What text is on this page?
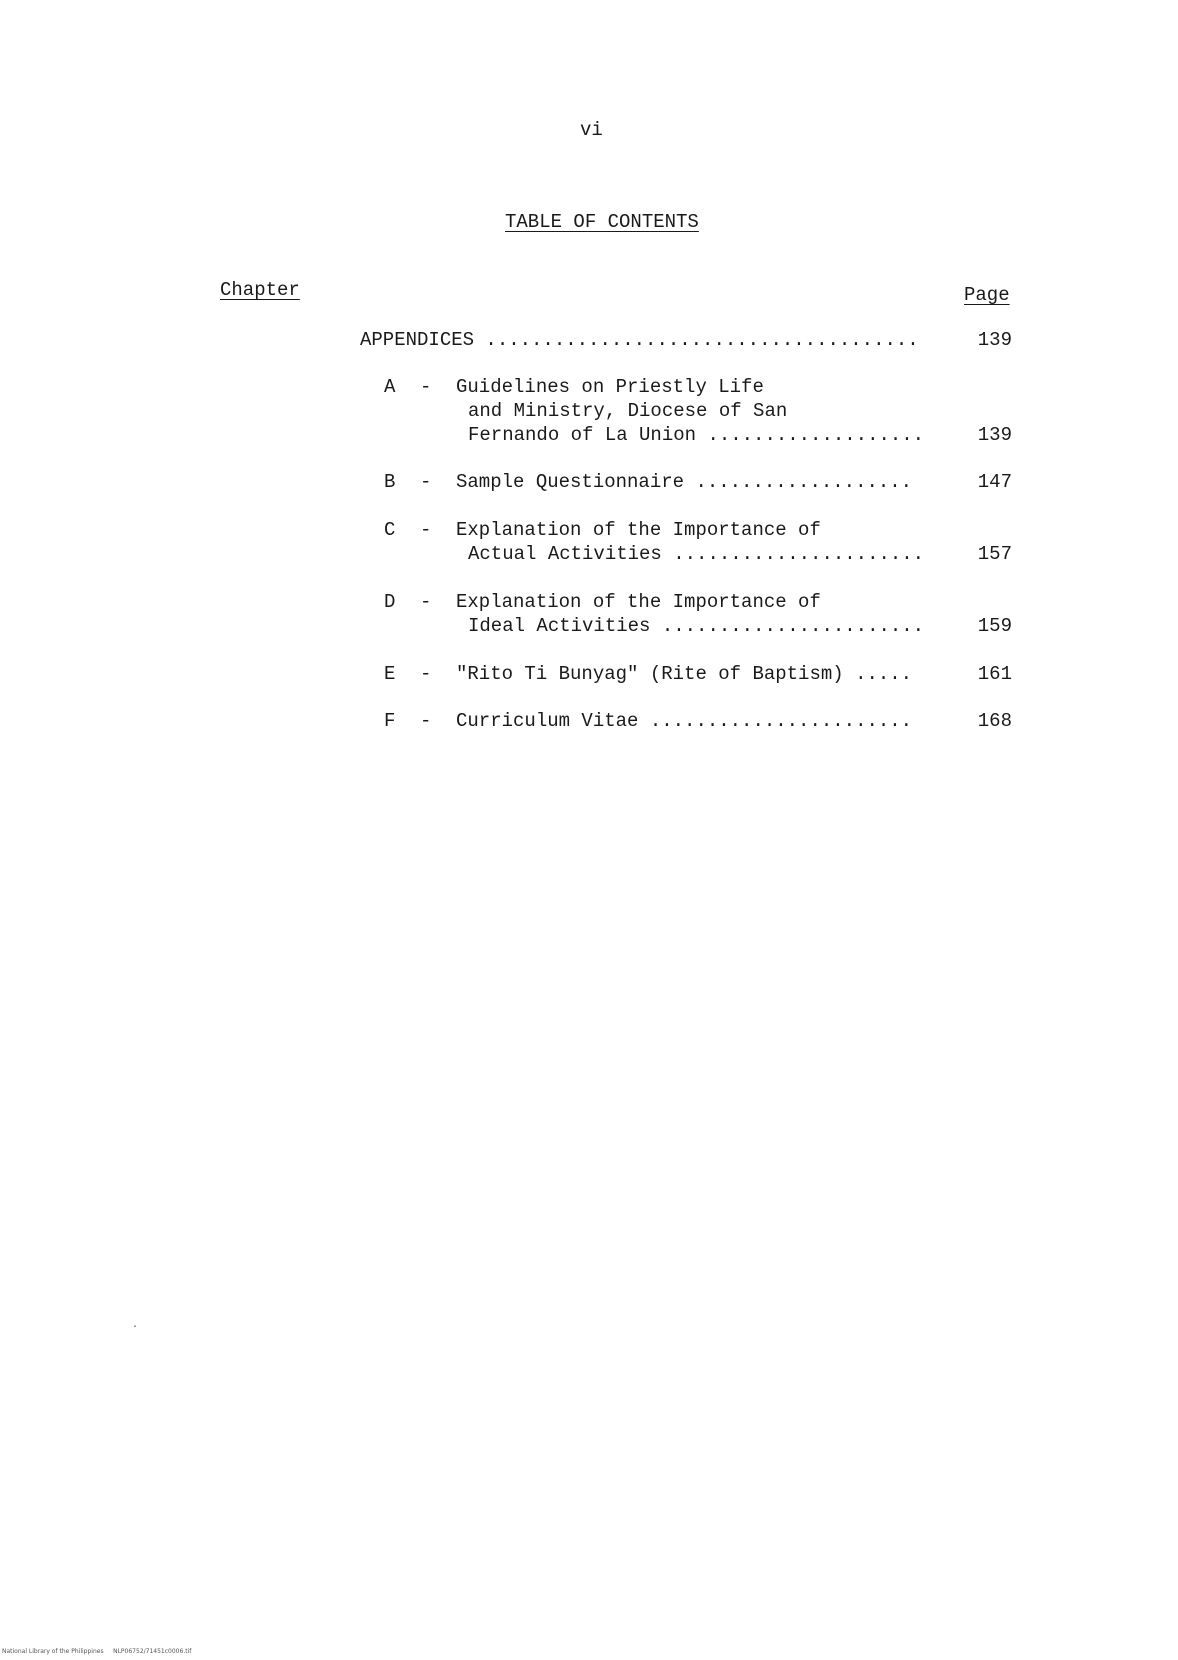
vi
TABLE OF CONTENTS
Chapter	Page
APPENDICES ......................................	139
A - Guidelines on Priestly Life
and Ministry, Diocese of San
Fernando of La Union ...................	139
B - Sample Questionnaire ...................	147
C - Explanation of the Importance of
Actual Activities ......................	157
D - Explanation of the Importance of
Ideal Activities .......................	159
E - "Rito Ti Bunyag" (Rite of Baptism) .....	161
F - Curriculum Vitae .......................	168
.
National Library of the Philippines     NLP06752/71451c0006.tif
